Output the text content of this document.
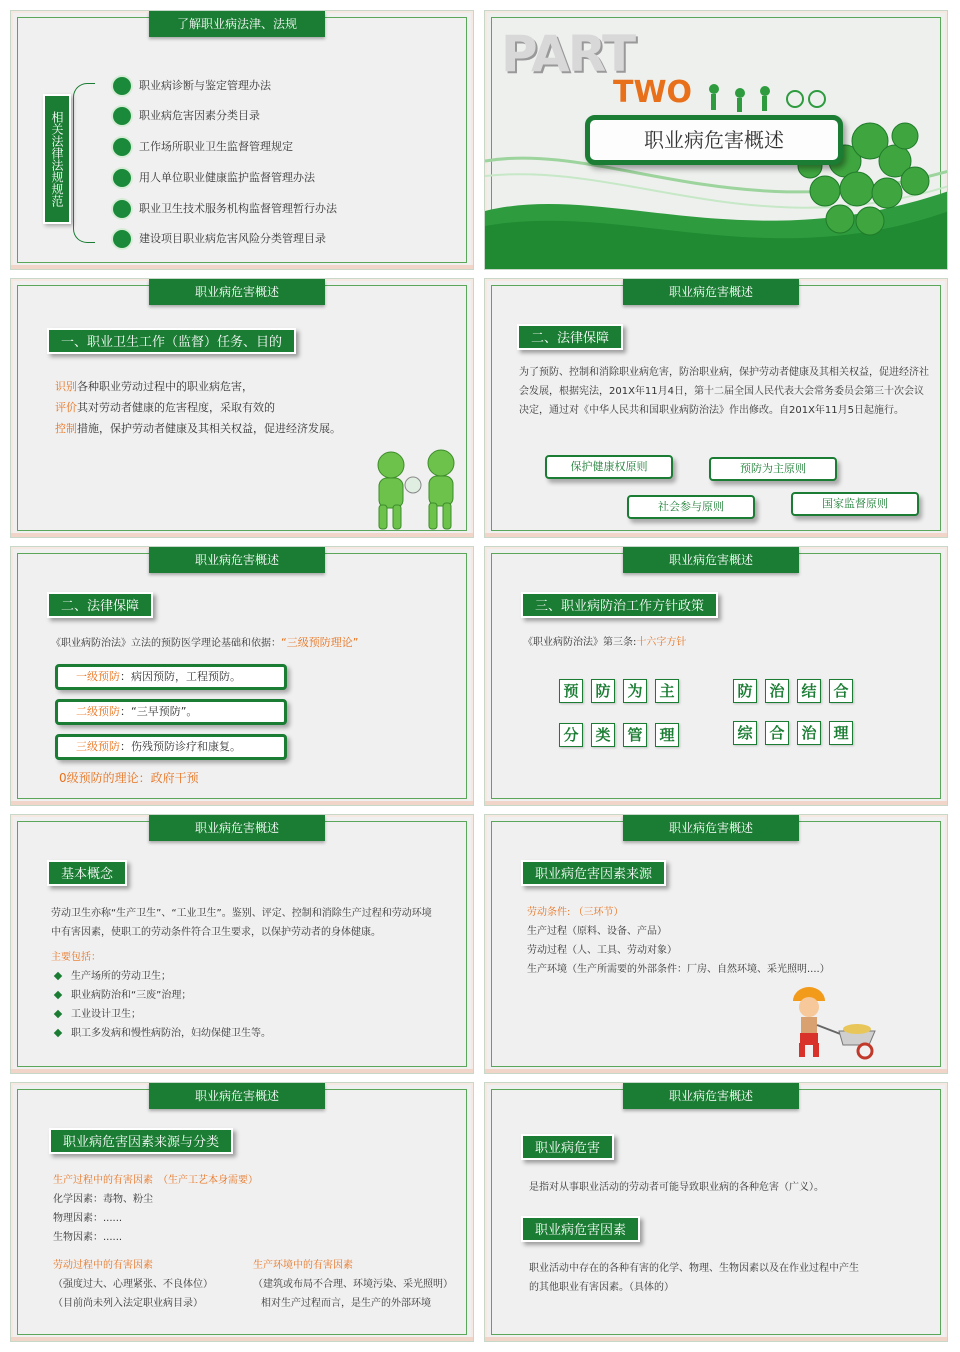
了解职业病法津、法规
相关法律法规规范
职业病诊断与鉴定管理办法
职业病危害因素分类目录
工作场所职业卫生监督管理规定
用人单位职业健康监护监督管理办法
职业卫生技术服务机构监督管理暂行办法
建设项目职业病危害风险分类管理目录
PART
TWO
职业病危害概述
职业病危害概述
一、职业卫生工作（监督）任务、目的
识别各种职业劳动过程中的职业病危害，
评价其对劳动者健康的危害程度，采取有效的
控制措施，保护劳动者健康及其相关权益，促进经济发展。
职业病危害概述
二、法律保障
为了预防、控制和消除职业病危害，防治职业病，保护劳动者健康及其相关权益，促进经济社会发展，根据宪法，201X年11月4日，第十二届全国人民代表大会常务委员会第三十次会议决定，通过对《中华人民共和国职业病防治法》作出修改。自201X年11月5日起施行。
保护健康权原则	预防为主原则
社会参与原则	国家监督原则
职业病危害概述
二、法律保障
《职业病防治法》立法的预防医学理论基础和依据：“三级预防理论”
一级预防：病因预防，工程预防。
二级预防：“三早预防”。
三级预防：伤残预防诊疗和康复。
0级预防的理论：政府干预
职业病危害概述
三、职业病防治工作方针政策
《职业病防治法》第三条:十六字方针
预	防	为	主	防	治	结	合
分	类	管	理	综	合	治	理
职业病危害概述
基本概念
劳动卫生亦称“生产卫生”、“工业卫生”。鉴别、评定、控制和消除生产过程和劳动环境中有害因素，使职工的劳动条件符合卫生要求，以保护劳动者的身体健康。
主要包括：
生产场所的劳动卫生；
职业病防治和“三废”治理；
工业设计卫生；
职工多发病和慢性病防治，妇幼保健卫生等。
职业病危害概述
职业病危害因素来源
劳动条件: （三环节）
生产过程（原料、设备、产品）
劳动过程（人、工具、劳动对象）
生产环境（生产所需要的外部条件：厂房、自然环境、采光照明....）
职业病危害概述
职业病危害因素来源与分类
生产过程中的有害因素　（生产工艺本身需要）
化学因素：毒物、粉尘
物理因素：......
生物因素：......
劳动过程中的有害因素
（强度过大、心理紧张、不良体位）
（目前尚未列入法定职业病目录）
生产环境中的有害因素
（建筑或布局不合理、环境污染、采光照明）
相对生产过程而言，是生产的外部环境
职业病危害概述
职业病危害
是指对从事职业活动的劳动者可能导致职业病的各种危害（广义）。
职业病危害因素
职业活动中存在的各种有害的化学、物理、生物因素以及在作业过程中产生的其他职业有害因素。（具体的）
